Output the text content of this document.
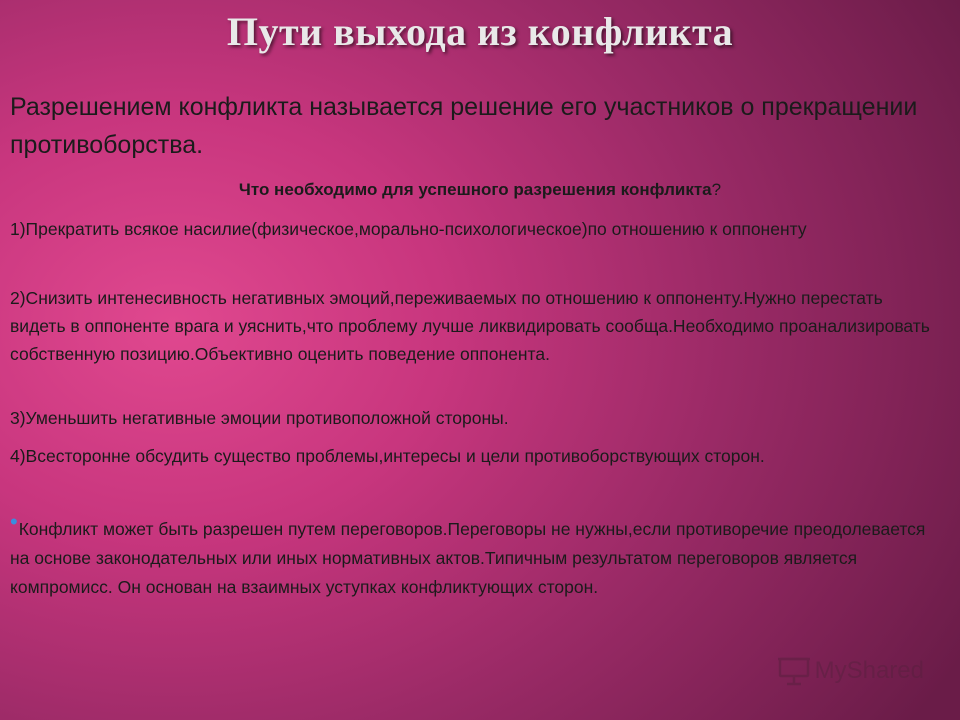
Пути выхода из конфликта

Разрешением конфликта называется решение его участников о прекращении противоборства.

Что необходимо для успешного разрешения конфликта?

1)Прекратить всякое насилие(физическое,морально-психологическое)по отношению к оппоненту

2)Снизить интенесивность негативных эмоций,переживаемых по отношению к оппоненту.Нужно перестать видеть в оппоненте врага и уяснить,что проблему лучше ликвидировать сообща.Необходимо проанализировать собственную позицию.Объективно оценить поведение оппонента.

3)Уменьшить негативные эмоции противоположной стороны.

4)Всесторонне обсудить существо проблемы,интересы и цели противоборствующих сторон.

•Конфликт может быть разрешен путем переговоров.Переговоры не нужны,если противоречие преодолевается на основе законодательных или иных нормативных актов.Типичным результатом переговоров является компромисс. Он основан на взаимных уступках конфликтующих сторон.

MyShared
